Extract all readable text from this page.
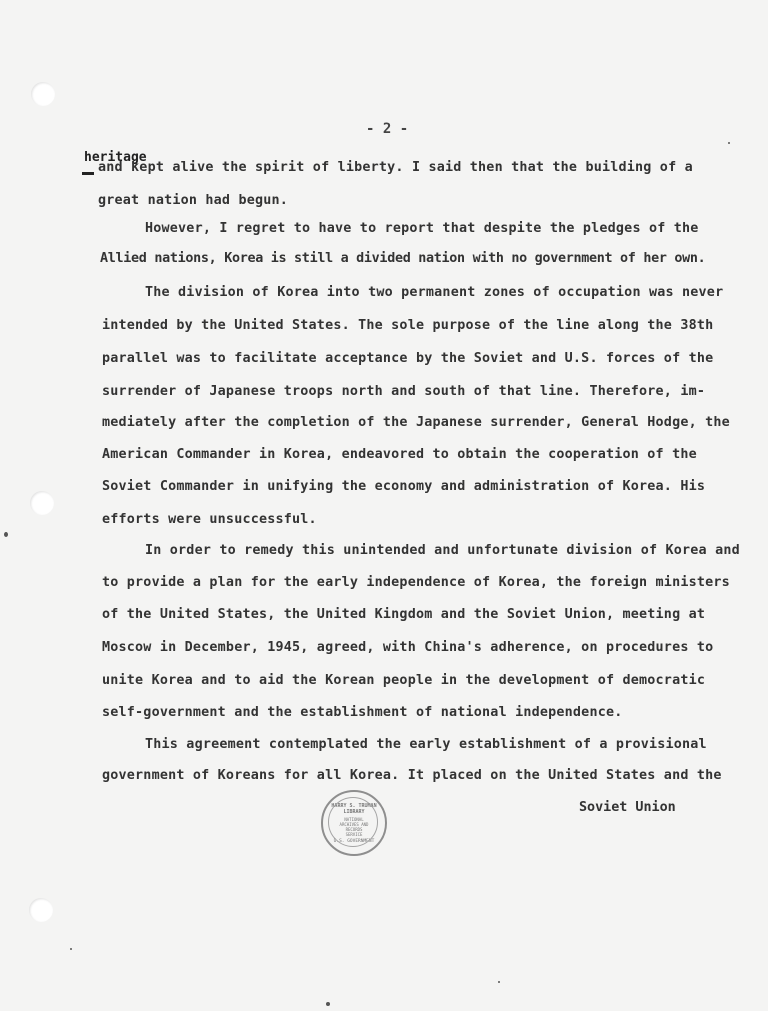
- 2 -
heritage
and kept alive the spirit of liberty. I said then that the building of a
great nation had begun.
However, I regret to have to report that despite the pledges of the
Allied nations, Korea is still a divided nation with no government of her own.
The division of Korea into two permanent zones of occupation was never
intended by the United States. The sole purpose of the line along the 38th
parallel was to facilitate acceptance by the Soviet and U.S. forces of the
surrender of Japanese troops north and south of that line. Therefore, im-
mediately after the completion of the Japanese surrender, General Hodge, the
American Commander in Korea, endeavored to obtain the cooperation of the
Soviet Commander in unifying the economy and administration of Korea. His
efforts were unsuccessful.
In order to remedy this unintended and unfortunate division of Korea and
to provide a plan for the early independence of Korea, the foreign ministers
of the United States, the United Kingdom and the Soviet Union, meeting at
Moscow in December, 1945, agreed, with China's adherence, on procedures to
unite Korea and to aid the Korean people in the development of democratic
self-government and the establishment of national independence.
This agreement contemplated the early establishment of a provisional
government of Koreans for all Korea. It placed on the United States and the
Soviet Union
HARRY S. TRUMAN LIBRARY
NATIONAL
ARCHIVES AND
RECORDS
SERVICE
U.S. GOVERNMENT
